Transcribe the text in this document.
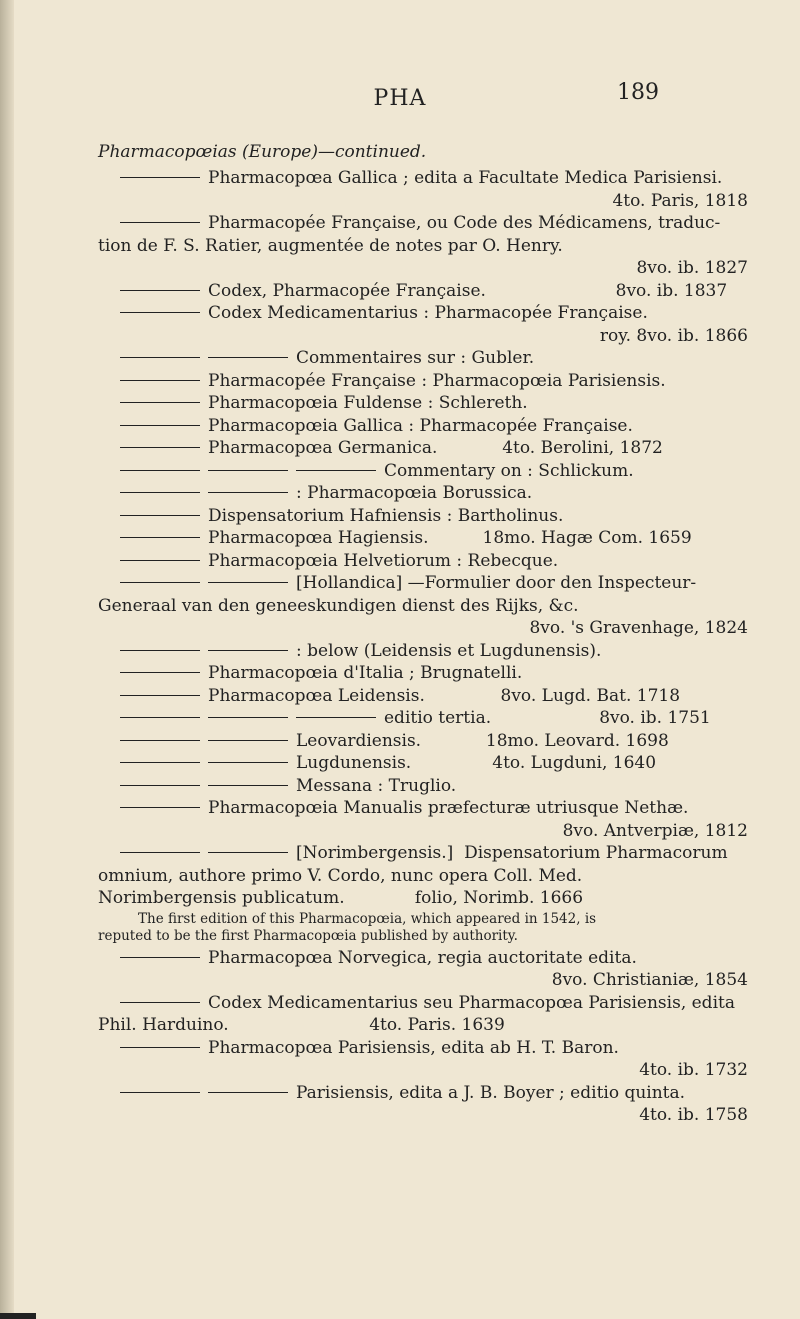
PHA	189
Pharmacopœias (Europe)—continued.
Pharmacopœa Gallica ; edita a Facultate Medica Parisiensi.
4to. Paris, 1818
Pharmacopée Française, ou Code des Médicamens, traduc-
tion de F. S. Ratier, augmentée de notes par O. Henry.
8vo. ib. 1827
Codex, Pharmacopée Française.                        8vo. ib. 1837
Codex Medicamentarius : Pharmacopée Française.
roy. 8vo. ib. 1866
Commentaires sur : Gubler.
Pharmacopée Française : Pharmacopœia Parisiensis.
Pharmacopœia Fuldense : Schlereth.
Pharmacopœia Gallica : Pharmacopée Française.
Pharmacopœa Germanica.            4to. Berolini, 1872
Commentary on : Schlickum.
: Pharmacopœia Borussica.
Dispensatorium Hafniensis : Bartholinus.
Pharmacopœa Hagiensis.          18mo. Hagæ Com. 1659
Pharmacopœia Helvetiorum : Rebecque.
[Hollandica] —Formulier door den Inspecteur-
Generaal van den geneeskundigen dienst des Rijks, &c.
8vo. 's Gravenhage, 1824
: below (Leidensis et Lugdunensis).
Pharmacopœia d'Italia ; Brugnatelli.
Pharmacopœa Leidensis.              8vo. Lugd. Bat. 1718
editio tertia.                    8vo. ib. 1751
Leovardiensis.            18mo. Leovard. 1698
Lugdunensis.               4to. Lugduni, 1640
Messana : Truglio.
Pharmacopœia Manualis præfecturæ utriusque Nethæ.
8vo. Antverpiæ, 1812
[Norimbergensis.]  Dispensatorium Pharmacorum
omnium, authore primo V. Cordo, nunc opera Coll. Med.
Norimbergensis publicatum.             folio, Norimb. 1666
The first edition of this Pharmacopœia, which appeared in 1542, is
reputed to be the first Pharmacopœia published by authority.
Pharmacopœa Norvegica, regia auctoritate edita.
8vo. Christianiæ, 1854
Codex Medicamentarius seu Pharmacopœa Parisiensis, edita
Phil. Harduino.                          4to. Paris. 1639
Pharmacopœa Parisiensis, edita ab H. T. Baron.
4to. ib. 1732
Parisiensis, edita a J. B. Boyer ; editio quinta.
4to. ib. 1758
